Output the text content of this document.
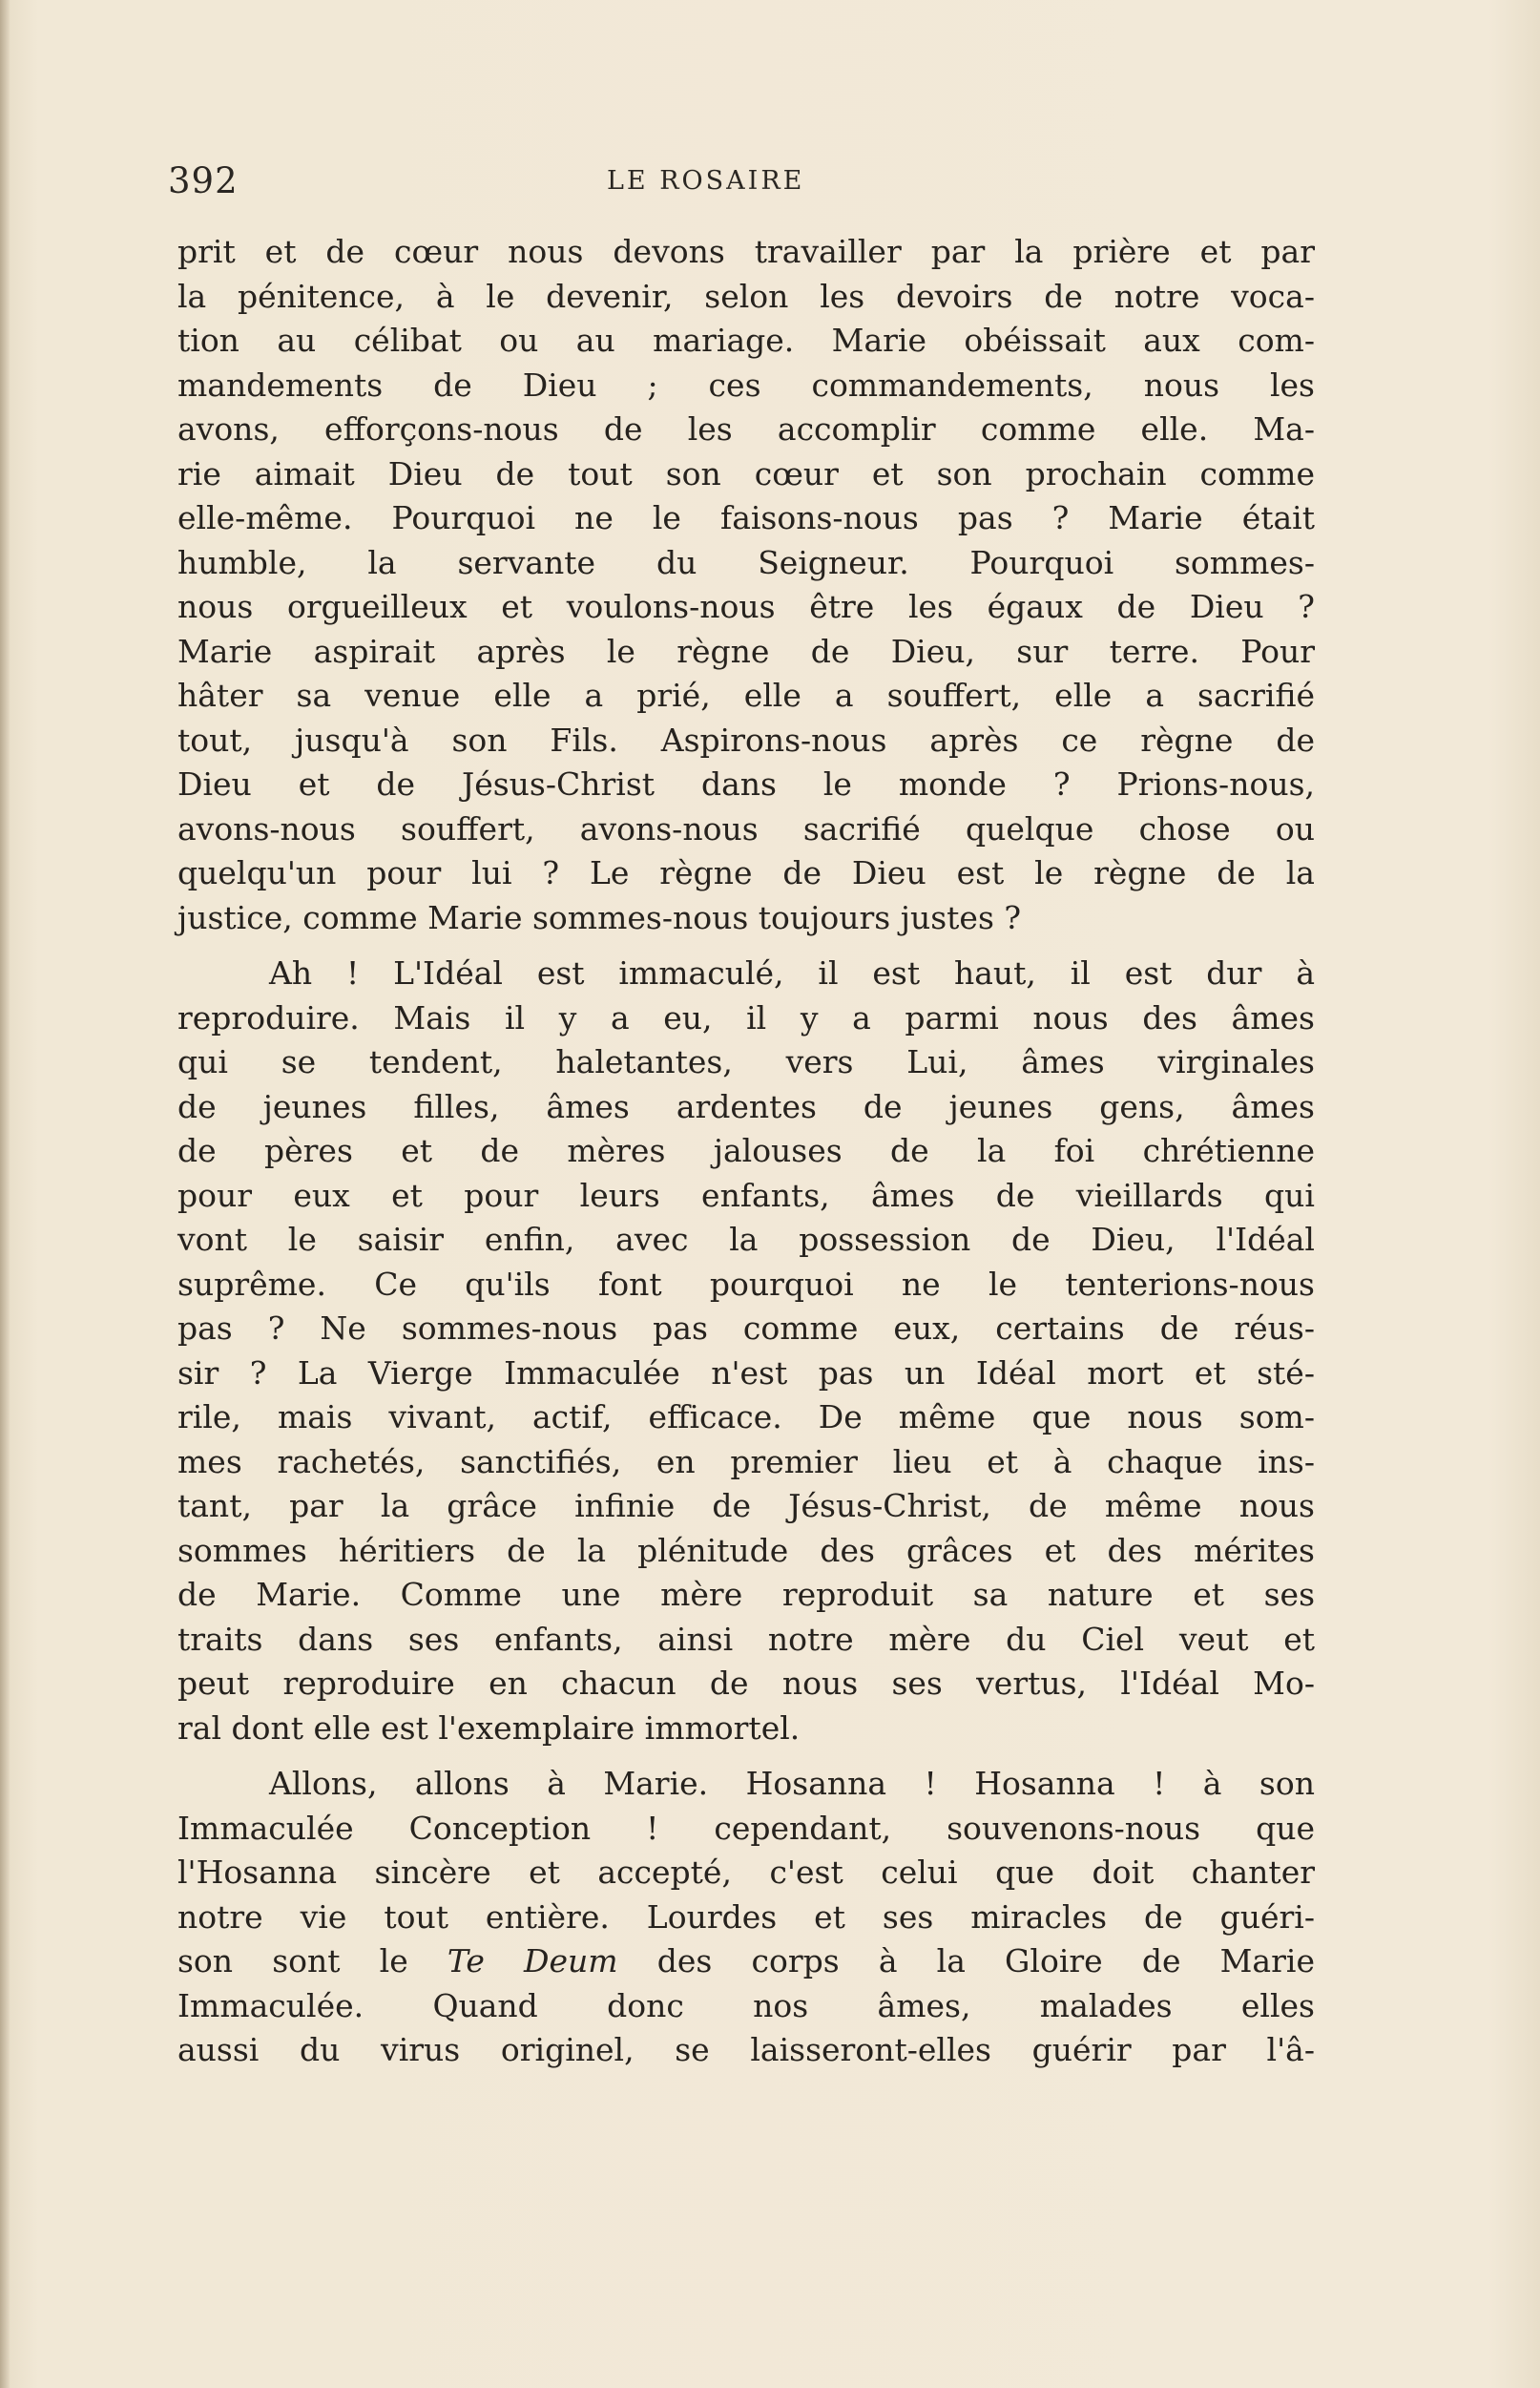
392	LE ROSAIRE
prit et de cœur nous devons travailler par la prière et par
la pénitence, à le devenir, selon les devoirs de notre voca-
tion au célibat ou au mariage. Marie obéissait aux com-
mandements de Dieu ; ces commandements, nous les
avons, efforçons-nous de les accomplir comme elle. Ma-
rie aimait Dieu de tout son cœur et son prochain comme
elle-même. Pourquoi ne le faisons-nous pas ? Marie était
humble, la servante du Seigneur. Pourquoi sommes-
nous orgueilleux et voulons-nous être les égaux de Dieu ?
Marie aspirait après le règne de Dieu, sur terre. Pour
hâter sa venue elle a prié, elle a souffert, elle a sacrifié
tout, jusqu'à son Fils. Aspirons-nous après ce règne de
Dieu et de Jésus-Christ dans le monde ? Prions-nous,
avons-nous souffert, avons-nous sacrifié quelque chose ou
quelqu'un pour lui ? Le règne de Dieu est le règne de la
justice, comme Marie sommes-nous toujours justes ?
Ah ! L'Idéal est immaculé, il est haut, il est dur à
reproduire. Mais il y a eu, il y a parmi nous des âmes
qui se tendent, haletantes, vers Lui, âmes virginales
de jeunes filles, âmes ardentes de jeunes gens, âmes
de pères et de mères jalouses de la foi chrétienne
pour eux et pour leurs enfants, âmes de vieillards qui
vont le saisir enfin, avec la possession de Dieu, l'Idéal
suprême. Ce qu'ils font pourquoi ne le tenterions-nous
pas ? Ne sommes-nous pas comme eux, certains de réus-
sir ? La Vierge Immaculée n'est pas un Idéal mort et sté-
rile, mais vivant, actif, efficace. De même que nous som-
mes rachetés, sanctifiés, en premier lieu et à chaque ins-
tant, par la grâce infinie de Jésus-Christ, de même nous
sommes héritiers de la plénitude des grâces et des mérites
de Marie. Comme une mère reproduit sa nature et ses
traits dans ses enfants, ainsi notre mère du Ciel veut et
peut reproduire en chacun de nous ses vertus, l'Idéal Mo-
ral dont elle est l'exemplaire immortel.
Allons, allons à Marie. Hosanna ! Hosanna ! à son
Immaculée Conception ! cependant, souvenons-nous que
l'Hosanna sincère et accepté, c'est celui que doit chanter
notre vie tout entière. Lourdes et ses miracles de guéri-
son sont le Te Deum des corps à la Gloire de Marie
Immaculée. Quand donc nos âmes, malades elles
aussi du virus originel, se laisseront-elles guérir par l'â-
